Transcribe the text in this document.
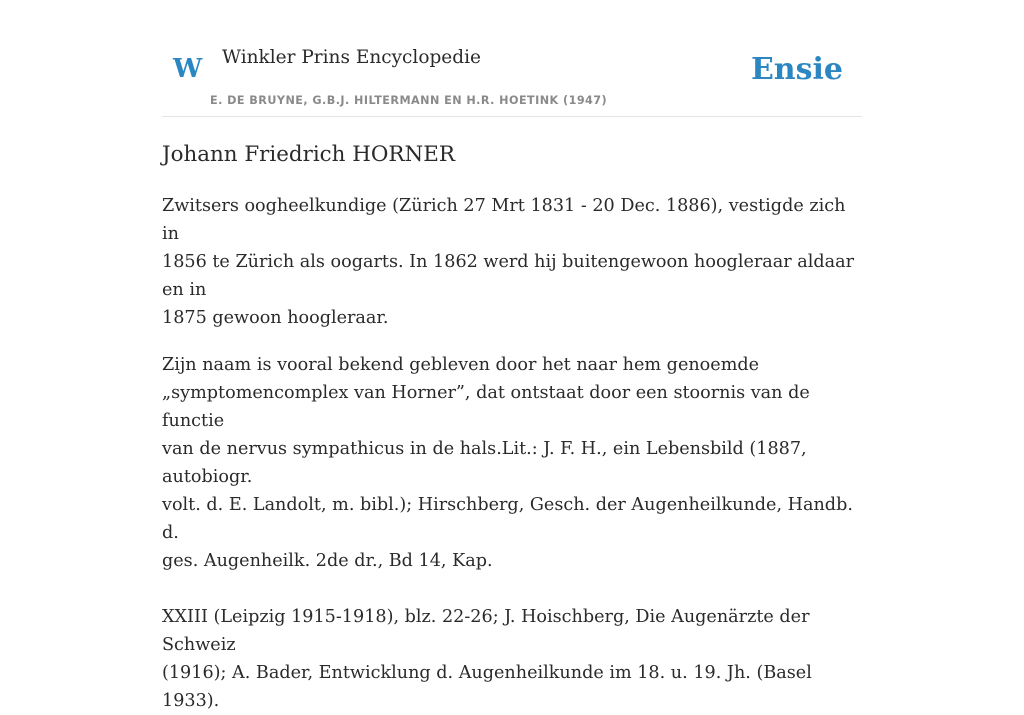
W Winkler Prins Encyclopedie
E. DE BRUYNE, G.B.J. HILTERMANN EN H.R. HOETINK (1947)
Ensie
Johann Friedrich HORNER

Zwitsers oogheelkundige (Zürich 27 Mrt 1831 - 20 Dec. 1886), vestigde zich in
1856 te Zürich als oogarts. In 1862 werd hij buitengewoon hoogleraar aldaar en in
1875 gewoon hoogleraar.

Zijn naam is vooral bekend gebleven door het naar hem genoemde
„symptomencomplex van Horner”, dat ontstaat door een stoornis van de functie
van de nervus sympathicus in de hals.Lit.: J. F. H., ein Lebensbild (1887, autobiogr.
volt. d. E. Landolt, m. bibl.); Hirschberg, Gesch. der Augenheilkunde, Handb. d.
ges. Augenheilk. 2de dr., Bd 14, Kap.

XXIII (Leipzig 1915-1918), blz. 22-26; J. Hoischberg, Die Augenärzte der Schweiz
(1916); A. Bader, Entwicklung d. Augenheilkunde im 18. u. 19. Jh. (Basel 1933).
